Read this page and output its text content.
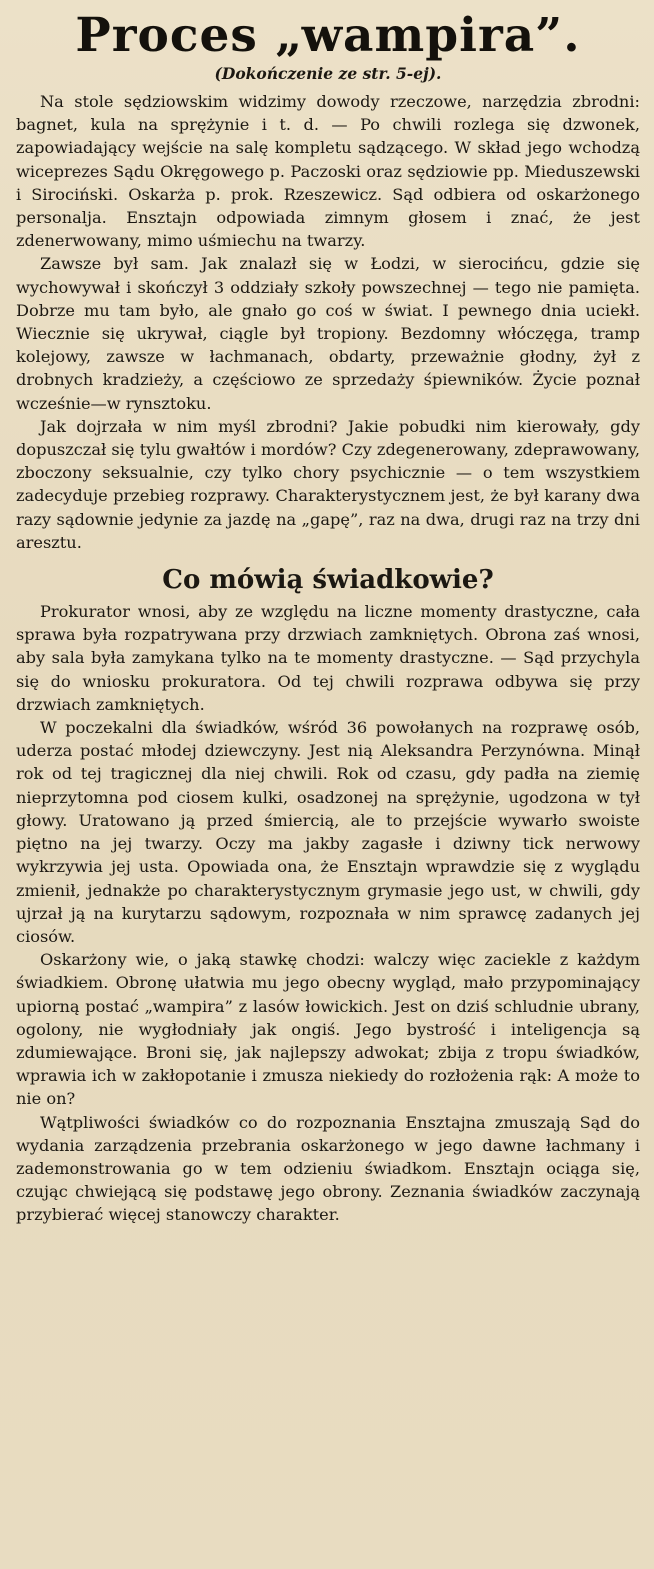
Proces „wampira”.

(Dokończenie ze str. 5-ej).

Na stole sędziowskim widzimy dowody rzeczowe, narzędzia zbrodni: bagnet, kula na sprężynie i t. d. — Po chwili rozlega się dzwonek, zapowiadający wejście na salę kompletu sądzącego. W skład jego wchodzą wiceprezes Sądu Okręgowego p. Paczoski oraz sędziowie pp. Mieduszewski i Sirociński. Oskarża p. prok. Rzeszewicz. Sąd odbiera od oskarżonego personalja. Ensztajn odpowiada zimnym głosem i znać, że jest zdenerwowany, mimo uśmiechu na twarzy.

Zawsze był sam. Jak znalazł się w Łodzi, w sierocińcu, gdzie się wychowywał i skończył 3 oddziały szkoły powszechnej — tego nie pamięta. Dobrze mu tam było, ale gnało go coś w świat. I pewnego dnia uciekł. Wiecznie się ukrywał, ciągle był tropiony. Bezdomny włóczęga, tramp kolejowy, zawsze w łachmanach, obdarty, przeważnie głodny, żył z drobnych kradzieży, a częściowo ze sprzedaży śpiewników. Życie poznał wcześnie—w rynsztoku.

Jak dojrzała w nim myśl zbrodni? Jakie pobudki nim kierowały, gdy dopuszczał się tylu gwałtów i mordów? Czy zdegenerowany, zdeprawowany, zboczony seksualnie, czy tylko chory psychicznie — o tem wszystkiem zadecyduje przebieg rozprawy. Charakterystycznem jest, że był karany dwa razy sądownie jedynie za jazdę na „gapę”, raz na dwa, drugi raz na trzy dni aresztu.

Co mówią świadkowie?

Prokurator wnosi, aby ze względu na liczne momenty drastyczne, cała sprawa była rozpatrywana przy drzwiach zamkniętych. Obrona zaś wnosi, aby sala była zamykana tylko na te momenty drastyczne. — Sąd przychyla się do wniosku prokuratora. Od tej chwili rozprawa odbywa się przy drzwiach zamkniętych.

W poczekalni dla świadków, wśród 36 powołanych na rozprawę osób, uderza postać młodej dziewczyny. Jest nią Aleksandra Perzynówna. Minął rok od tej tragicznej dla niej chwili. Rok od czasu, gdy padła na ziemię nieprzytomna pod ciosem kulki, osadzonej na sprężynie, ugodzona w tył głowy. Uratowano ją przed śmiercią, ale to przejście wywarło swoiste piętno na jej twarzy. Oczy ma jakby zagasłe i dziwny tick nerwowy wykrzywia jej usta. Opowiada ona, że Ensztajn wprawdzie się z wyglądu zmienił, jednakże po charakterystycznym grymasie jego ust, w chwili, gdy ujrzał ją na kurytarzu sądowym, rozpoznała w nim sprawcę zadanych jej ciosów.

Oskarżony wie, o jaką stawkę chodzi: walczy więc zaciekle z każdym świadkiem. Obronę ułatwia mu jego obecny wygląd, mało przypominający upiorną postać „wampira” z lasów łowickich. Jest on dziś schludnie ubrany, ogolony, nie wygłodniały jak ongiś. Jego bystrość i inteligencja są zdumiewające. Broni się, jak najlepszy adwokat; zbija z tropu świadków, wprawia ich w zakłopotanie i zmusza niekiedy do rozłożenia rąk: A może to nie on?

Wątpliwości świadków co do rozpoznania Ensztajna zmuszają Sąd do wydania zarządzenia przebrania oskarżonego w jego dawne łachmany i zademonstrowania go w tem odzieniu świadkom. Ensztajn ociąga się, czując chwiejącą się podstawę jego obrony. Zeznania świadków zaczynają przybierać więcej stanowczy charakter.
